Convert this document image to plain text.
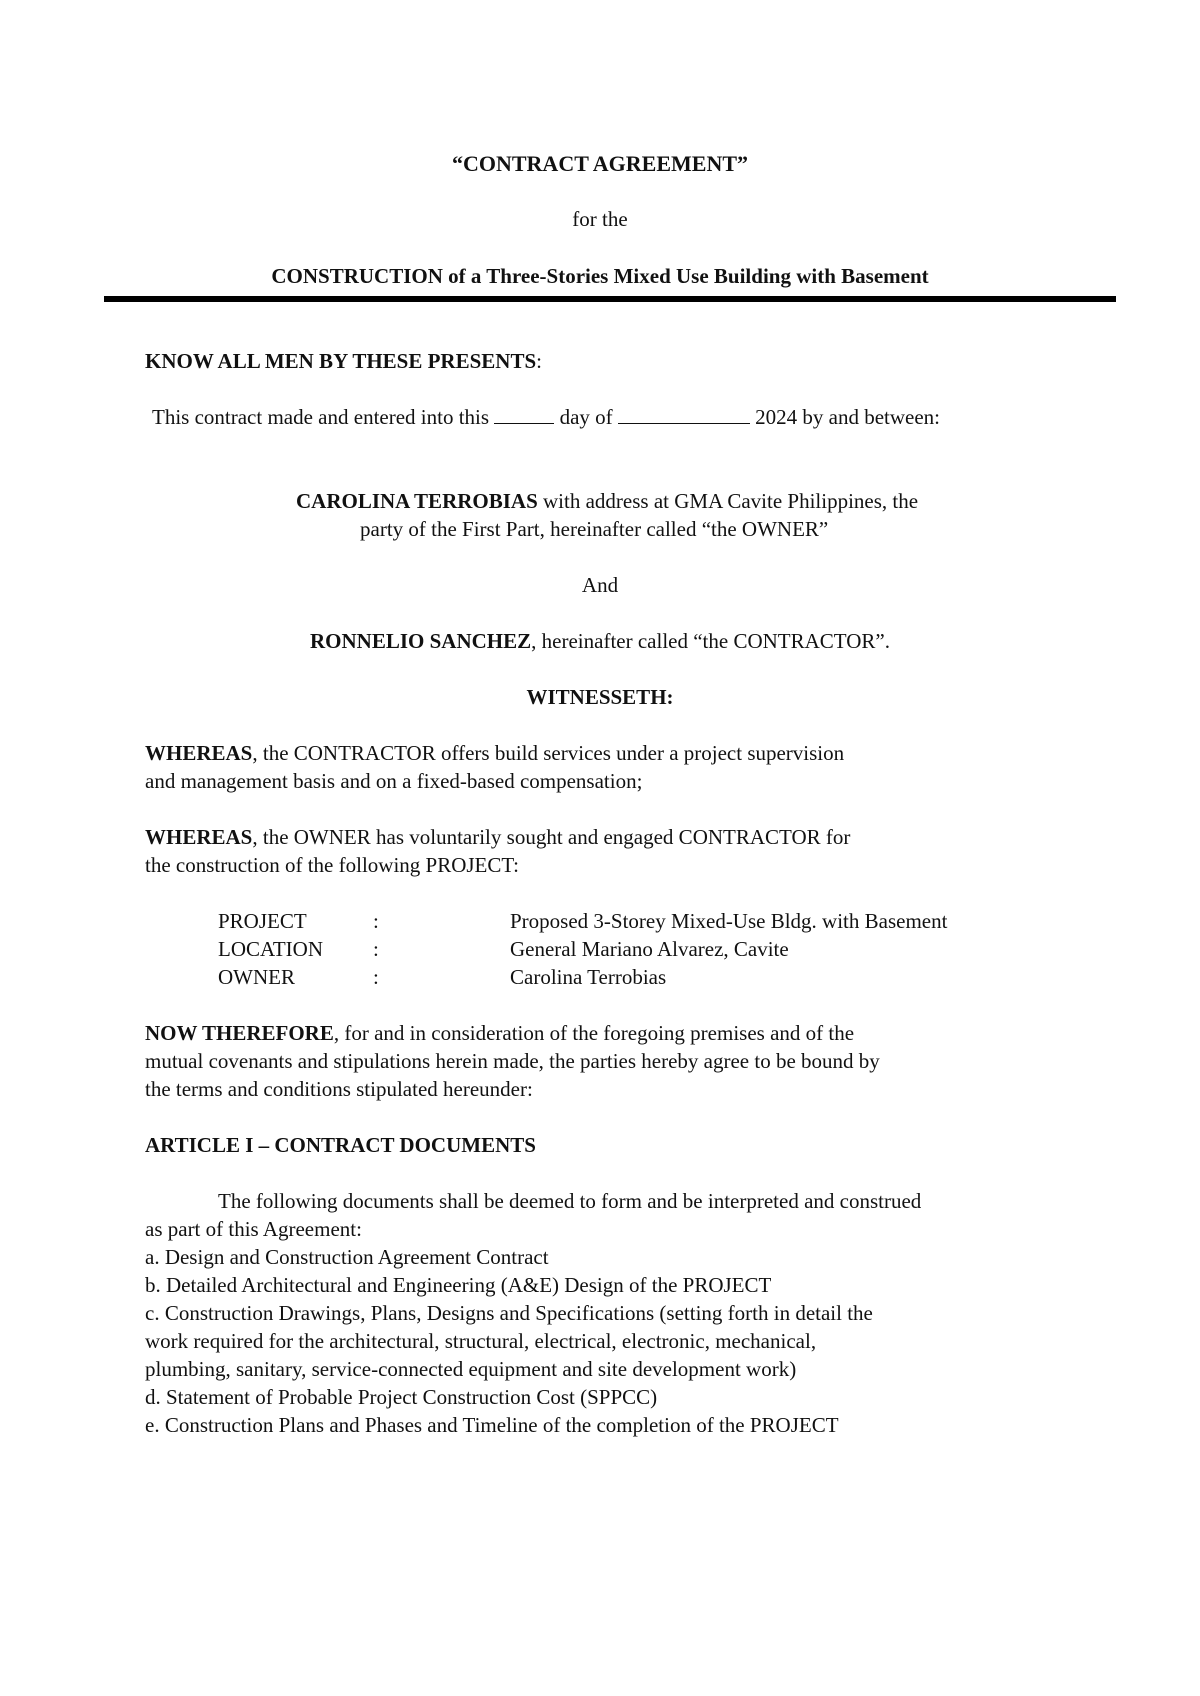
“CONTRACT AGREEMENT”
for the
CONSTRUCTION of a Three-Stories Mixed Use Building with Basement
KNOW ALL MEN BY THESE PRESENTS:
This contract made and entered into this	day of	2024 by and between:
CAROLINA TERROBIAS with address at GMA Cavite Philippines, the
party of the First Part, hereinafter called “the OWNER”
And
RONNELIO SANCHEZ, hereinafter called “the CONTRACTOR”.
WITNESSETH:
WHEREAS, the CONTRACTOR offers build services under a project supervision
and management basis and on a fixed-based compensation;
WHEREAS, the OWNER has voluntarily sought and engaged CONTRACTOR for
the construction of the following PROJECT:
PROJECT	:	Proposed 3-Storey Mixed-Use Bldg. with Basement
LOCATION :	General Mariano Alvarez, Cavite
OWNER	:	Carolina Terrobias
NOW THEREFORE, for and in consideration of the foregoing premises and of the
mutual covenants and stipulations herein made, the parties hereby agree to be bound by
the terms and conditions stipulated hereunder:
ARTICLE I – CONTRACT DOCUMENTS
The following documents shall be deemed to form and be interpreted and construed
as part of this Agreement:
a. Design and Construction Agreement Contract
b. Detailed Architectural and Engineering (A&E) Design of the PROJECT
c. Construction Drawings, Plans, Designs and Specifications (setting forth in detail the
work required for the architectural, structural, electrical, electronic, mechanical,
plumbing, sanitary, service-connected equipment and site development work)
d. Statement of Probable Project Construction Cost (SPPCC)
e. Construction Plans and Phases and Timeline of the completion of the PROJECT
